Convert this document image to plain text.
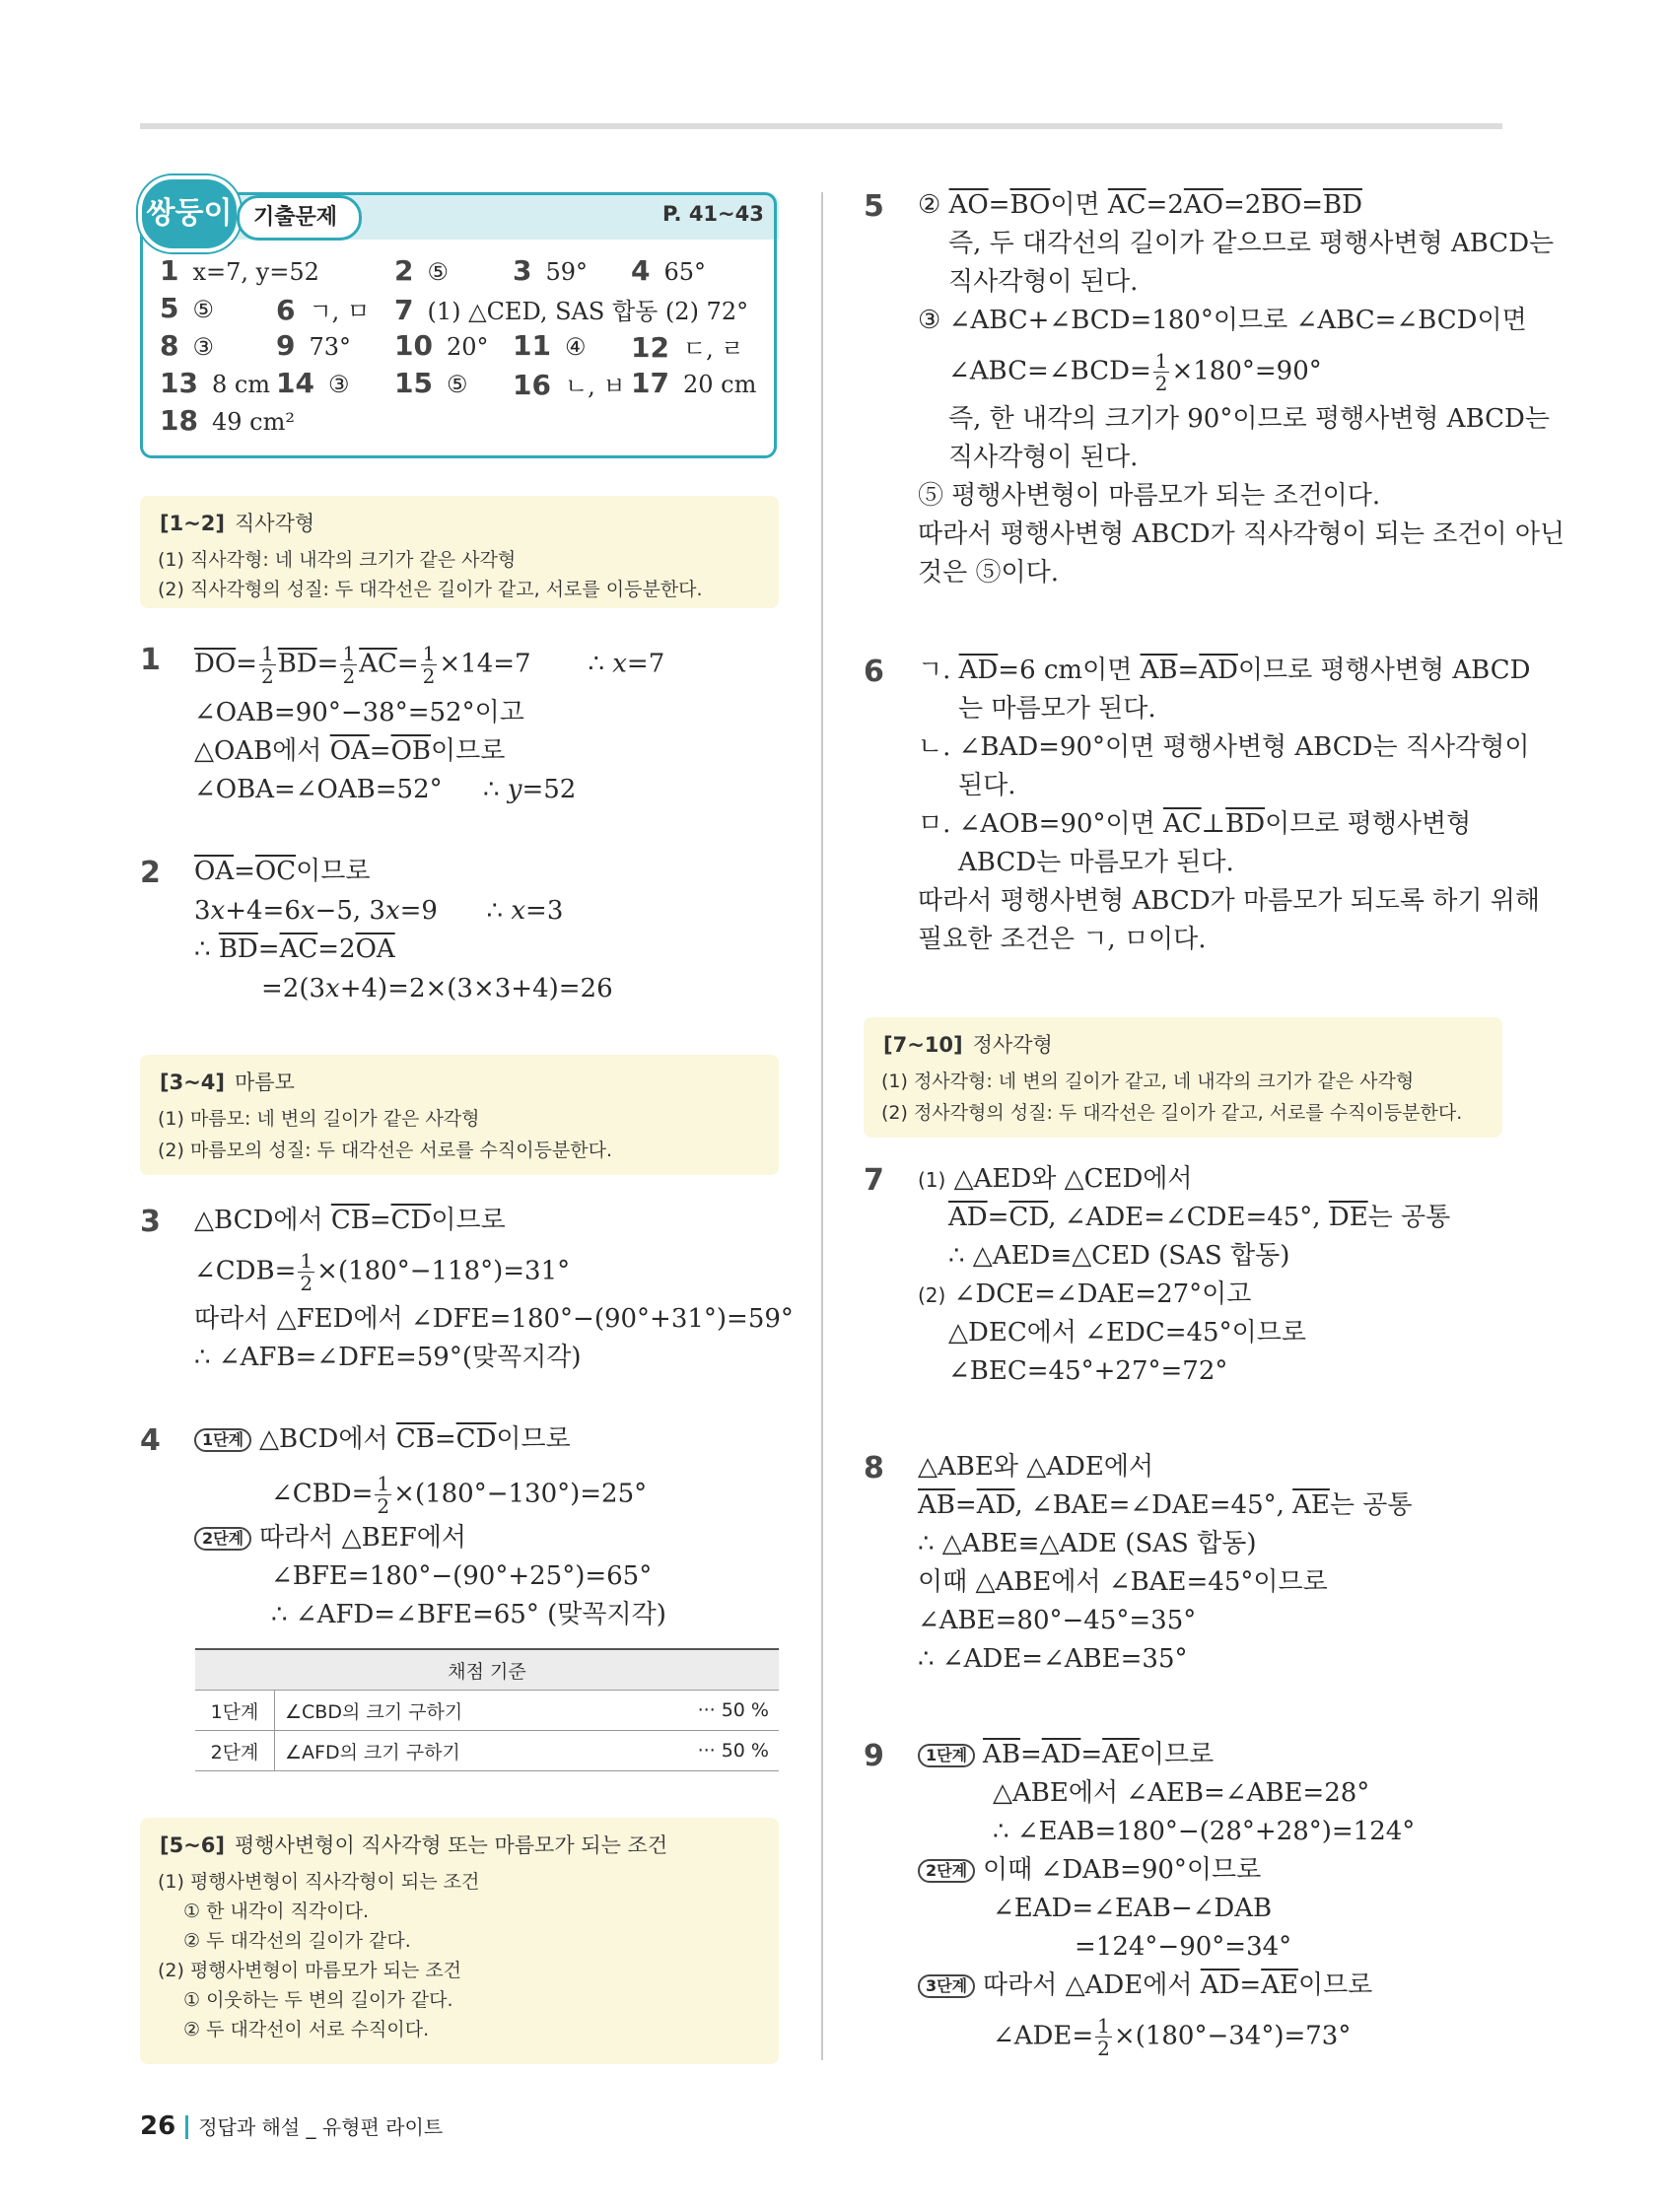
쌍둥이 기출문제	P. 41~43
1 x=7, y=52	2 ⑤ 3 59° 4 65°
5 ⑤ 6 ㄱ, ㅁ 7 (1) △CED, SAS 합동 (2) 72°
8 ③ 9 73° 10 20° 11 ④ 12 ㄷ, ㄹ
13 8 cm 14 ③ 15 ⑤ 16 ㄴ, ㅂ 17 20 cm
18 49 cm²
[1~2] 직사각형
(1) 직사각형: 네 내각의 크기가 같은 사각형
(2) 직사각형의 성질: 두 대각선은 길이가 같고, 서로를 이등분한다.
1 $\overline{DO}= \frac{1}{2} \overline{BD}= \frac{1}{2} \overline{AC}= \frac{1}{2} \times 14=7$       ∴ x=7
∠OAB=90°−38°=52°이고
△OAB에서 $\overline{OA}=\overline{OB}$이므로
∠OBA=∠OAB=52°     ∴ y=52
2 $\overline{OA}=\overline{OC}$이므로
3x+4=6x−5, 3x=9      ∴ x=3
∴ $\overline{BD}=\overline{AC}=2\overline{OA}$
=2(3x+4)=2×(3×3+4)=26
[3~4] 마름모
(1) 마름모: 네 변의 길이가 같은 사각형
(2) 마름모의 성질: 두 대각선은 서로를 수직이등분한다.
3 △BCD에서 $\overline{CB}=\overline{CD}$이므로
∠CDB= $\frac{1}{2} \times(180^\circ-118^\circ)=31^\circ$
따라서 △FED에서 ∠DFE=180°−(90°+31°)=59°
∴ ∠AFB=∠DFE=59°(맞꼭지각)
4	1단계 △BCD에서 $\overline{CB}=\overline{CD}$이므로
∠CBD= $\frac{1}{2} \times(180^\circ-130^\circ)=25^\circ$
2단계 따라서 △BEF에서
∠BFE=180°−(90°+25°)=65°
∴ ∠AFD=∠BFE=65° (맞꼭지각)
채점 기준		
1단계	∠CBD의 크기 구하기	··· 50 %
2단계	∠AFD의 크기 구하기	··· 50 %
[5~6] 평행사변형이 직사각형 또는 마름모가 되는 조건
(1) 평행사변형이 직사각형이 되는 조건
① 한 내각이 직각이다.
② 두 대각선의 길이가 같다.
(2) 평행사변형이 마름모가 되는 조건
① 이웃하는 두 변의 길이가 같다.
② 두 대각선이 서로 수직이다.
5 ② $\overline{AO}=\overline{BO}$이면 $\overline{AC}=2\overline{AO}=2\overline{BO}=\overline{BD}$
즉, 두 대각선의 길이가 같으므로 평행사변형 ABCD는
직사각형이 된다.
③ ∠ABC+∠BCD=180°이므로 ∠ABC=∠BCD이면
∠ABC=∠BCD= $\frac{1}{2} \times 180^\circ=90^\circ$
즉, 한 내각의 크기가 90°이므로 평행사변형 ABCD는
직사각형이 된다.
⑤ 평행사변형이 마름모가 되는 조건이다.
따라서 평행사변형 ABCD가 직사각형이 되는 조건이 아닌
것은 ⑤이다.
6 ㄱ. $\overline{AD}=6$ cm이면 $\overline{AB}=\overline{AD}$이므로 평행사변형 ABCD
는 마름모가 된다.
ㄴ. ∠BAD=90°이면 평행사변형 ABCD는 직사각형이
된다.
ㅁ. ∠AOB=90°이면 $\overline{AC}\perp\overline{BD}$이므로 평행사변형
ABCD는 마름모가 된다.
따라서 평행사변형 ABCD가 마름모가 되도록 하기 위해
필요한 조건은 ㄱ, ㅁ이다.
[7~10] 정사각형
(1) 정사각형: 네 변의 길이가 같고, 네 내각의 크기가 같은 사각형
(2) 정사각형의 성질: 두 대각선은 길이가 같고, 서로를 수직이등분한다.
7 (1) △AED와 △CED에서
$\overline{AD}=\overline{CD}$, ∠ADE=∠CDE=45°, $\overline{DE}$는 공통
∴ △AED≡△CED (SAS 합동)
(2) ∠DCE=∠DAE=27°이고
△DEC에서 ∠EDC=45°이므로
∠BEC=45°+27°=72°
8 △ABE와 △ADE에서
$\overline{AB}=\overline{AD}$, ∠BAE=∠DAE=45°, $\overline{AE}$는 공통
∴ △ABE≡△ADE (SAS 합동)
이때 △ABE에서 ∠BAE=45°이므로
∠ABE=80°−45°=35°
∴ ∠ADE=∠ABE=35°
9	1단계 $\overline{AB}=\overline{AD}=\overline{AE}$이므로
△ABE에서 ∠AEB=∠ABE=28°
∴ ∠EAB=180°−(28°+28°)=124°
2단계 이때 ∠DAB=90°이므로
∠EAD=∠EAB−∠DAB
=124°−90°=34°
3단계 따라서 △ADE에서 $\overline{AD}=\overline{AE}$이므로
∠ADE= $\frac{1}{2} \times(180^\circ-34^\circ)=73^\circ$
26 정답과 해설 _ 유형편 라이트
